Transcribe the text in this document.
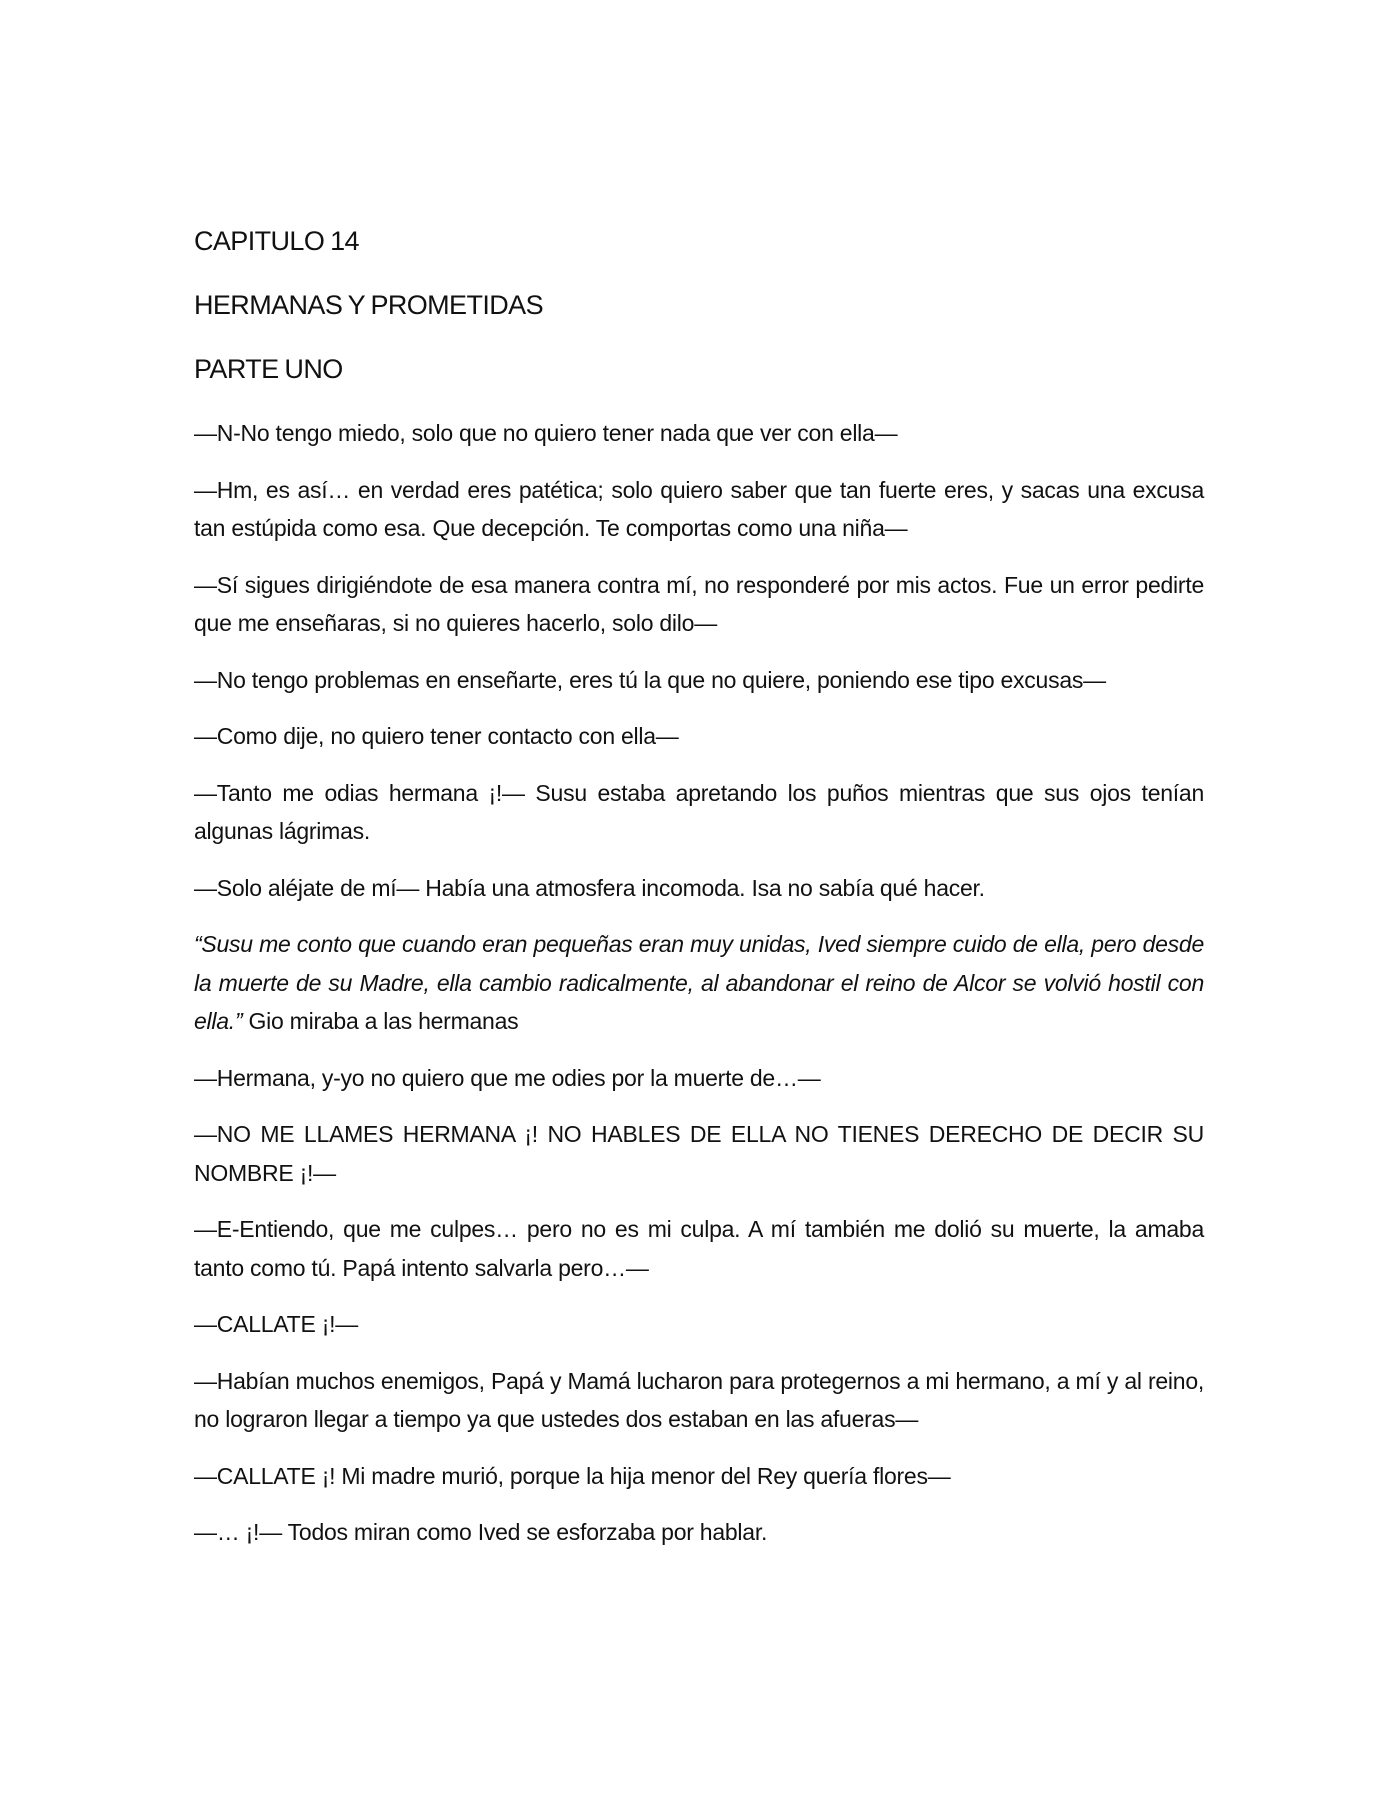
CAPITULO 14
HERMANAS Y PROMETIDAS
PARTE UNO

—N-No tengo miedo, solo que no quiero tener nada que ver con ella—

—Hm, es así… en verdad eres patética; solo quiero saber que tan fuerte eres, y sacas una excusa tan estúpida como esa. Que decepción. Te comportas como una niña—

—Sí sigues dirigiéndote de esa manera contra mí, no responderé por mis actos. Fue un error pedirte que me enseñaras, si no quieres hacerlo, solo dilo—

—No tengo problemas en enseñarte, eres tú la que no quiere, poniendo ese tipo excusas—

—Como dije, no quiero tener contacto con ella—

—Tanto me odias hermana ¡!— Susu estaba apretando los puños mientras que sus ojos tenían algunas lágrimas.

—Solo aléjate de mí— Había una atmosfera incomoda. Isa no sabía qué hacer.

“Susu me conto que cuando eran pequeñas eran muy unidas, Ived siempre cuido de ella, pero desde la muerte de su Madre, ella cambio radicalmente, al abandonar el reino de Alcor se volvió hostil con ella.” Gio miraba a las hermanas

—Hermana, y-yo no quiero que me odies por la muerte de…—

—NO ME LLAMES HERMANA ¡! NO HABLES DE ELLA NO TIENES DERECHO DE DECIR SU NOMBRE ¡!—

—E-Entiendo, que me culpes… pero no es mi culpa. A mí también me dolió su muerte, la amaba tanto como tú. Papá intento salvarla pero…—

—CALLATE ¡!—

—Habían muchos enemigos, Papá y Mamá lucharon para protegernos a mi hermano, a mí y al reino, no lograron llegar a tiempo ya que ustedes dos estaban en las afueras—

—CALLATE ¡! Mi madre murió, porque la hija menor del Rey quería flores—

—… ¡!— Todos miran como Ived se esforzaba por hablar.
